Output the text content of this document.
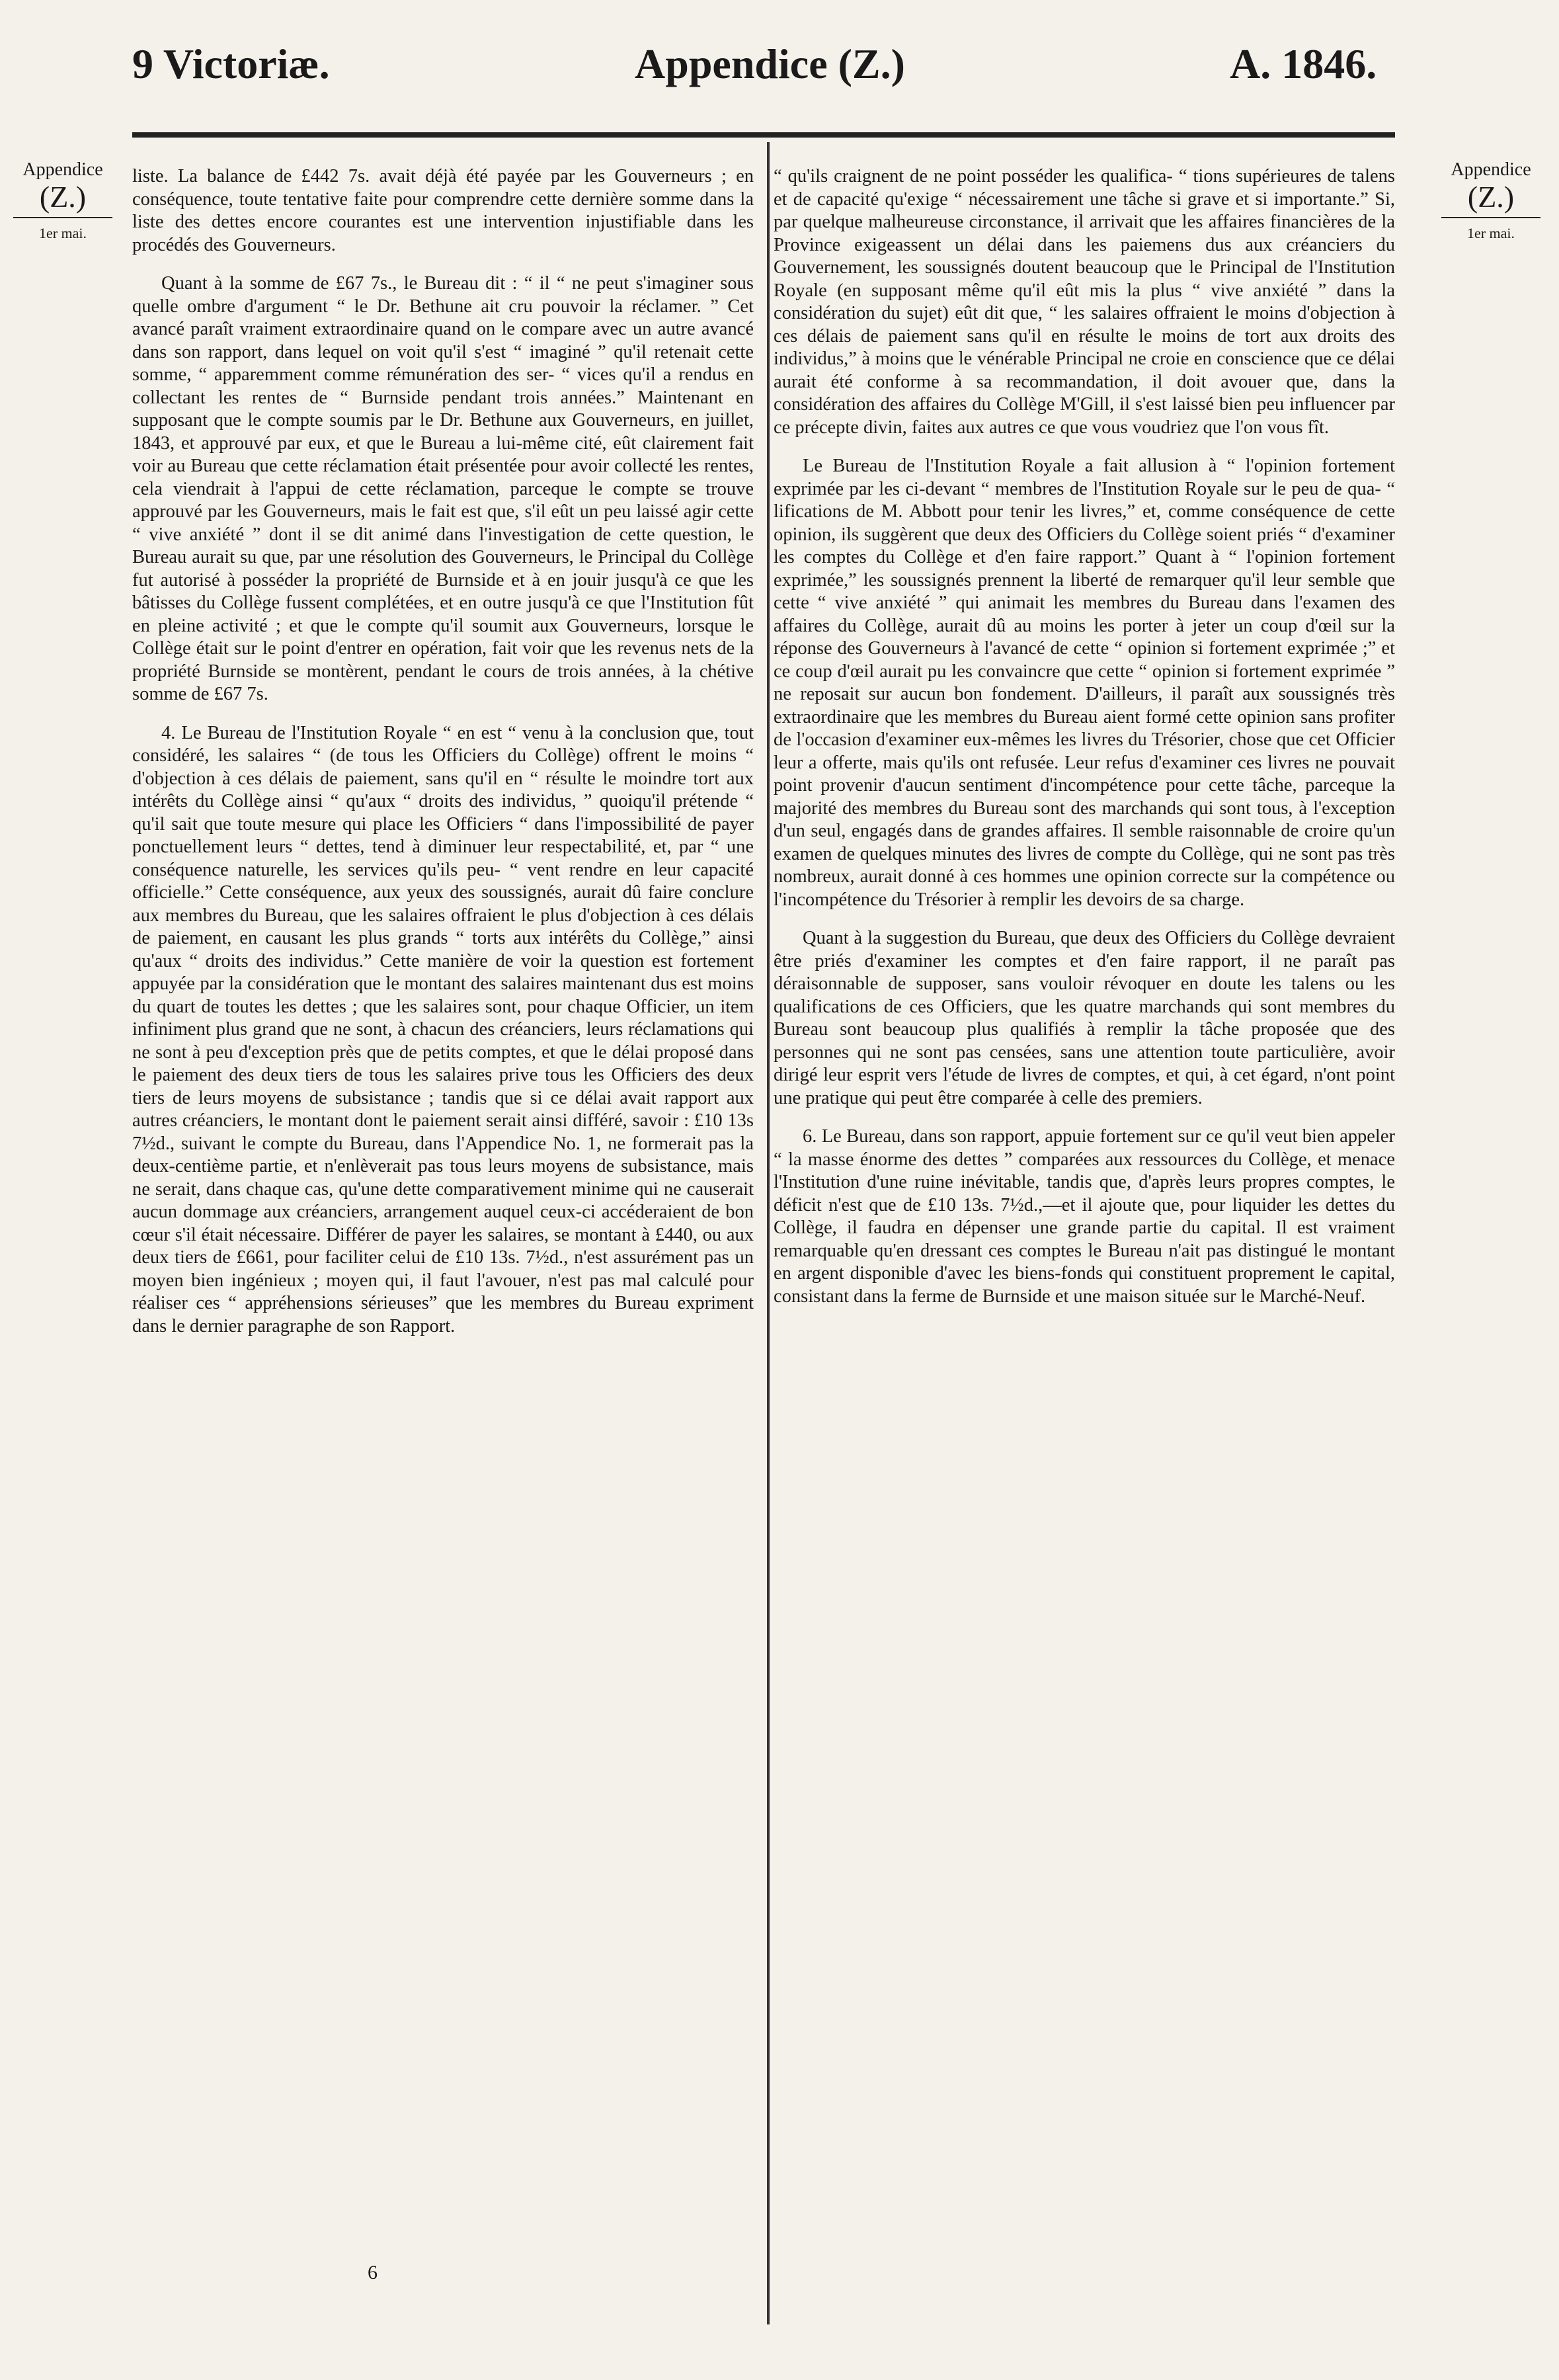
9 Victoriæ.	Appendice (Z.)	A. 1846.
Appendice
(Z.)
1er mai.
Appendice
(Z.)
1er mai.

liste. La balance de £442 7s. avait déjà été payée par les Gouverneurs ; en conséquence, toute tentative faite pour comprendre cette dernière somme dans la liste des dettes encore courantes est une intervention injustifiable dans les procédés des Gouverneurs.

Quant à la somme de £67 7s., le Bureau dit : “ il “ ne peut s'imaginer sous quelle ombre d'argument “ le Dr. Bethune ait cru pouvoir la réclamer. ” Cet avancé paraît vraiment extraordinaire quand on le compare avec un autre avancé dans son rapport, dans lequel on voit qu'il s'est “ imaginé ” qu'il retenait cette somme, “ apparemment comme rémunération des ser- “ vices qu'il a rendus en collectant les rentes de “ Burnside pendant trois années.” Maintenant en supposant que le compte soumis par le Dr. Bethune aux Gouverneurs, en juillet, 1843, et approuvé par eux, et que le Bureau a lui-même cité, eût clairement fait voir au Bureau que cette réclamation était présentée pour avoir collecté les rentes, cela viendrait à l'appui de cette réclamation, parceque le compte se trouve approuvé par les Gouverneurs, mais le fait est que, s'il eût un peu laissé agir cette “ vive anxiété ” dont il se dit animé dans l'investigation de cette question, le Bureau aurait su que, par une résolution des Gouverneurs, le Principal du Collège fut autorisé à posséder la propriété de Burnside et à en jouir jusqu'à ce que les bâtisses du Collège fussent complétées, et en outre jusqu'à ce que l'Institution fût en pleine activité ; et que le compte qu'il soumit aux Gouverneurs, lorsque le Collège était sur le point d'entrer en opération, fait voir que les revenus nets de la propriété Burnside se montèrent, pendant le cours de trois années, à la chétive somme de £67 7s.

4. Le Bureau de l'Institution Royale “ en est “ venu à la conclusion que, tout considéré, les salaires “ (de tous les Officiers du Collège) offrent le moins “ d'objection à ces délais de paiement, sans qu'il en “ résulte le moindre tort aux intérêts du Collège ainsi “ qu'aux “ droits des individus, ” quoiqu'il prétende “ qu'il sait que toute mesure qui place les Officiers “ dans l'impossibilité de payer ponctuellement leurs “ dettes, tend à diminuer leur respectabilité, et, par “ une conséquence naturelle, les services qu'ils peu- “ vent rendre en leur capacité officielle.” Cette conséquence, aux yeux des soussignés, aurait dû faire conclure aux membres du Bureau, que les salaires offraient le plus d'objection à ces délais de paiement, en causant les plus grands “ torts aux intérêts du Collège,” ainsi qu'aux “ droits des individus.” Cette manière de voir la question est fortement appuyée par la considération que le montant des salaires maintenant dus est moins du quart de toutes les dettes ; que les salaires sont, pour chaque Officier, un item infiniment plus grand que ne sont, à chacun des créanciers, leurs réclamations qui ne sont à peu d'exception près que de petits comptes, et que le délai proposé dans le paiement des deux tiers de tous les salaires prive tous les Officiers des deux tiers de leurs moyens de subsistance ; tandis que si ce délai avait rapport aux autres créanciers, le montant dont le paiement serait ainsi différé, savoir : £10 13s 7½d., suivant le compte du Bureau, dans l'Appendice No. 1, ne formerait pas la deux-centième partie, et n'enlèverait pas tous leurs moyens de subsistance, mais ne serait, dans chaque cas, qu'une dette comparativement minime qui ne causerait aucun dommage aux créanciers, arrangement auquel ceux-ci accéderaient de bon cœur s'il était nécessaire. Différer de payer les salaires, se montant à £440, ou aux deux tiers de £661, pour faciliter celui de £10 13s. 7½d., n'est assurément pas un moyen bien ingénieux ; moyen qui, il faut l'avouer, n'est pas mal calculé pour réaliser ces “ appréhensions sérieuses” que les membres du Bureau expriment dans le dernier paragraphe de son Rapport.

“ qu'ils craignent de ne point posséder les qualifica- “ tions supérieures de talens et de capacité qu'exige “ nécessairement une tâche si grave et si importante.” Si, par quelque malheureuse circonstance, il arrivait que les affaires financières de la Province exigeassent un délai dans les paiemens dus aux créanciers du Gouvernement, les soussignés doutent beaucoup que le Principal de l'Institution Royale (en supposant même qu'il eût mis la plus “ vive anxiété ” dans la considération du sujet) eût dit que, “ les salaires offraient le moins d'objection à ces délais de paiement sans qu'il en résulte le moins de tort aux droits des individus,” à moins que le vénérable Principal ne croie en conscience que ce délai aurait été conforme à sa recommandation, il doit avouer que, dans la considération des affaires du Collège M'Gill, il s'est laissé bien peu influencer par ce précepte divin, faites aux autres ce que vous voudriez que l'on vous fît.

Le Bureau de l'Institution Royale a fait allusion à “ l'opinion fortement exprimée par les ci-devant “ membres de l'Institution Royale sur le peu de qua- “ lifications de M. Abbott pour tenir les livres,” et, comme conséquence de cette opinion, ils suggèrent que deux des Officiers du Collège soient priés “ d'examiner les comptes du Collège et d'en faire rapport.” Quant à “ l'opinion fortement exprimée,” les soussignés prennent la liberté de remarquer qu'il leur semble que cette “ vive anxiété ” qui animait les membres du Bureau dans l'examen des affaires du Collège, aurait dû au moins les porter à jeter un coup d'œil sur la réponse des Gouverneurs à l'avancé de cette “ opinion si fortement exprimée ;” et ce coup d'œil aurait pu les convaincre que cette “ opinion si fortement exprimée ” ne reposait sur aucun bon fondement. D'ailleurs, il paraît aux soussignés très extraordinaire que les membres du Bureau aient formé cette opinion sans profiter de l'occasion d'examiner eux-mêmes les livres du Trésorier, chose que cet Officier leur a offerte, mais qu'ils ont refusée. Leur refus d'examiner ces livres ne pouvait point provenir d'aucun sentiment d'incompétence pour cette tâche, parceque la majorité des membres du Bureau sont des marchands qui sont tous, à l'exception d'un seul, engagés dans de grandes affaires. Il semble raisonnable de croire qu'un examen de quelques minutes des livres de compte du Collège, qui ne sont pas très nombreux, aurait donné à ces hommes une opinion correcte sur la compétence ou l'incompétence du Trésorier à remplir les devoirs de sa charge.

Quant à la suggestion du Bureau, que deux des Officiers du Collège devraient être priés d'examiner les comptes et d'en faire rapport, il ne paraît pas déraisonnable de supposer, sans vouloir révoquer en doute les talens ou les qualifications de ces Officiers, que les quatre marchands qui sont membres du Bureau sont beaucoup plus qualifiés à remplir la tâche proposée que des personnes qui ne sont pas censées, sans une attention toute particulière, avoir dirigé leur esprit vers l'étude de livres de comptes, et qui, à cet égard, n'ont point une pratique qui peut être comparée à celle des premiers.

6. Le Bureau, dans son rapport, appuie fortement sur ce qu'il veut bien appeler “ la masse énorme des dettes ” comparées aux ressources du Collège, et menace l'Institution d'une ruine inévitable, tandis que, d'après leurs propres comptes, le déficit n'est que de £10 13s. 7½d.,—et il ajoute que, pour liquider les dettes du Collège, il faudra en dépenser une grande partie du capital. Il est vraiment remarquable qu'en dressant ces comptes le Bureau n'ait pas distingué le montant en argent disponible d'avec les biens-fonds qui constituent proprement le capital, consistant dans la ferme de Burnside et une maison située sur le Marché-Neuf.

6
